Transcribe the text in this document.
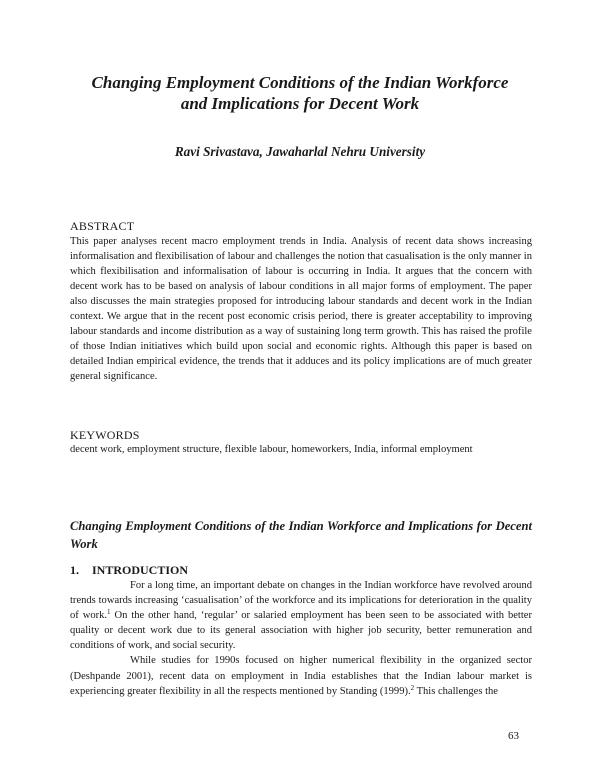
Changing Employment Conditions of the Indian Workforce
and Implications for Decent Work

Ravi Srivastava, Jawaharlal Nehru University

ABSTRACT

This paper analyses recent macro employment trends in India. Analysis of recent data shows increasing informalisation and flexibilisation of labour and challenges the notion that casualisation is the only manner in which flexibilisation and informalisation of labour is occurring in India. It argues that the concern with decent work has to be based on analysis of labour conditions in all major forms of employment. The paper also discusses the main strategies proposed for introducing labour standards and decent work in the Indian context. We argue that in the recent post economic crisis period, there is greater acceptability to improving labour standards and income distribution as a way of sustaining long term growth. This has raised the profile of those Indian initiatives which build upon social and economic rights. Although this paper is based on detailed Indian empirical evidence, the trends that it adduces and its policy implications are of much greater general significance.

KEYWORDS

decent work, employment structure, flexible labour, homeworkers, India, informal employment

Changing Employment Conditions of the Indian Workforce and Implications for Decent Work
1. INTRODUCTION

For a long time, an important debate on changes in the Indian workforce have revolved around trends towards increasing ‘casualisation’ of the workforce and its implications for deterioration in the quality of work.$^1$ On the other hand, ‘regular’ or salaried employment has been seen to be associated with better quality or decent work due to its general association with higher job security, better remuneration and conditions of work, and social security.

While studies for 1990s focused on higher numerical flexibility in the organized sector (Deshpande 2001), recent data on employment in India establishes that the Indian labour market is experiencing greater flexibility in all the respects mentioned by Standing (1999).$^2$ This challenges the

63
